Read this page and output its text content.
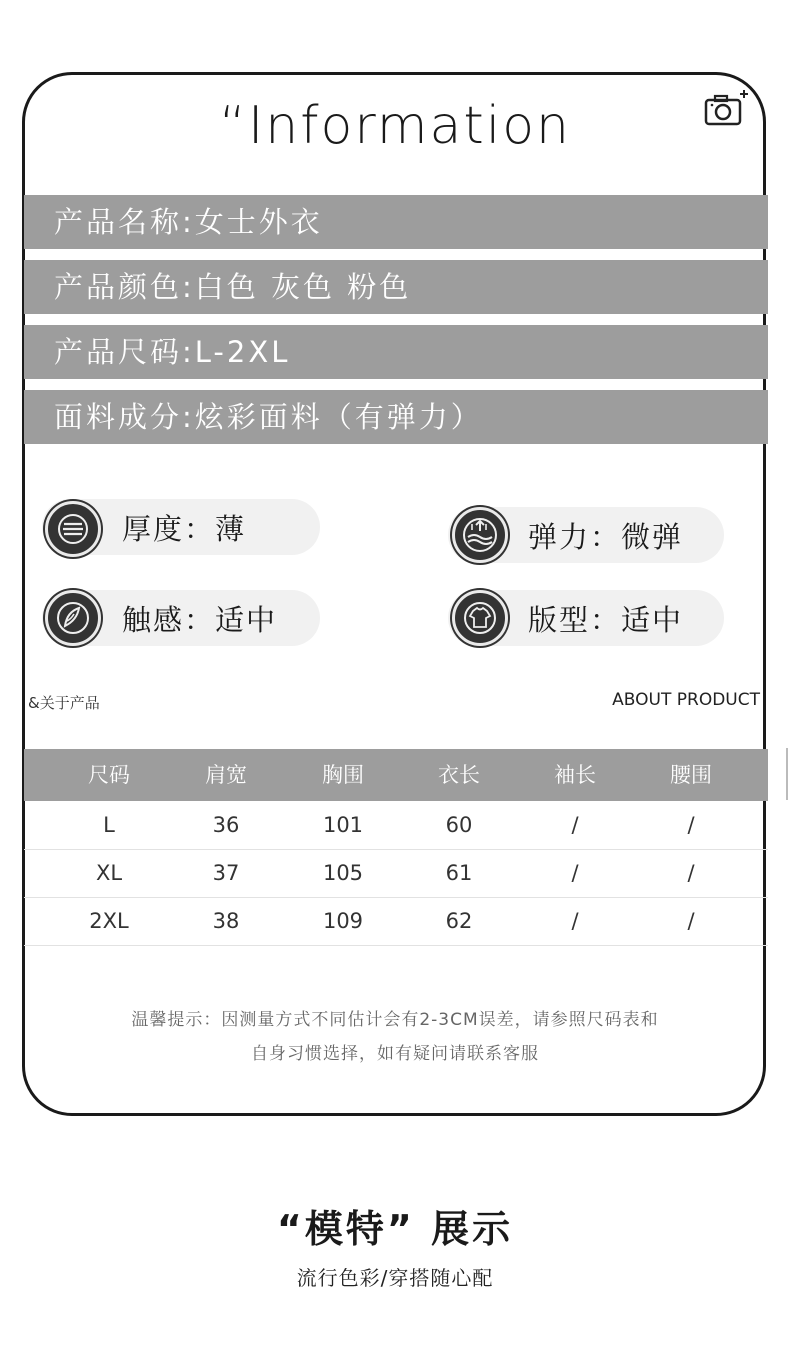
“Information
产品名称:女士外衣
产品颜色:白色 灰色 粉色
产品尺码:L-2XL
面料成分:炫彩面料（有弹力）
厚度：薄	弹力：微弹
触感：适中	版型：适中
&关于产品	ABOUT PRODUCT
尺码	肩宽	胸围	衣长	袖长	腰围
L	36	101	60	/	/
XL	37	105	61	/	/
2XL	38	109	62	/	/
温馨提示：因测量方式不同估计会有2-3CM误差，请参照尺码表和
自身习惯选择，如有疑问请联系客服
“模特” 展示
流行色彩/穿搭随心配
